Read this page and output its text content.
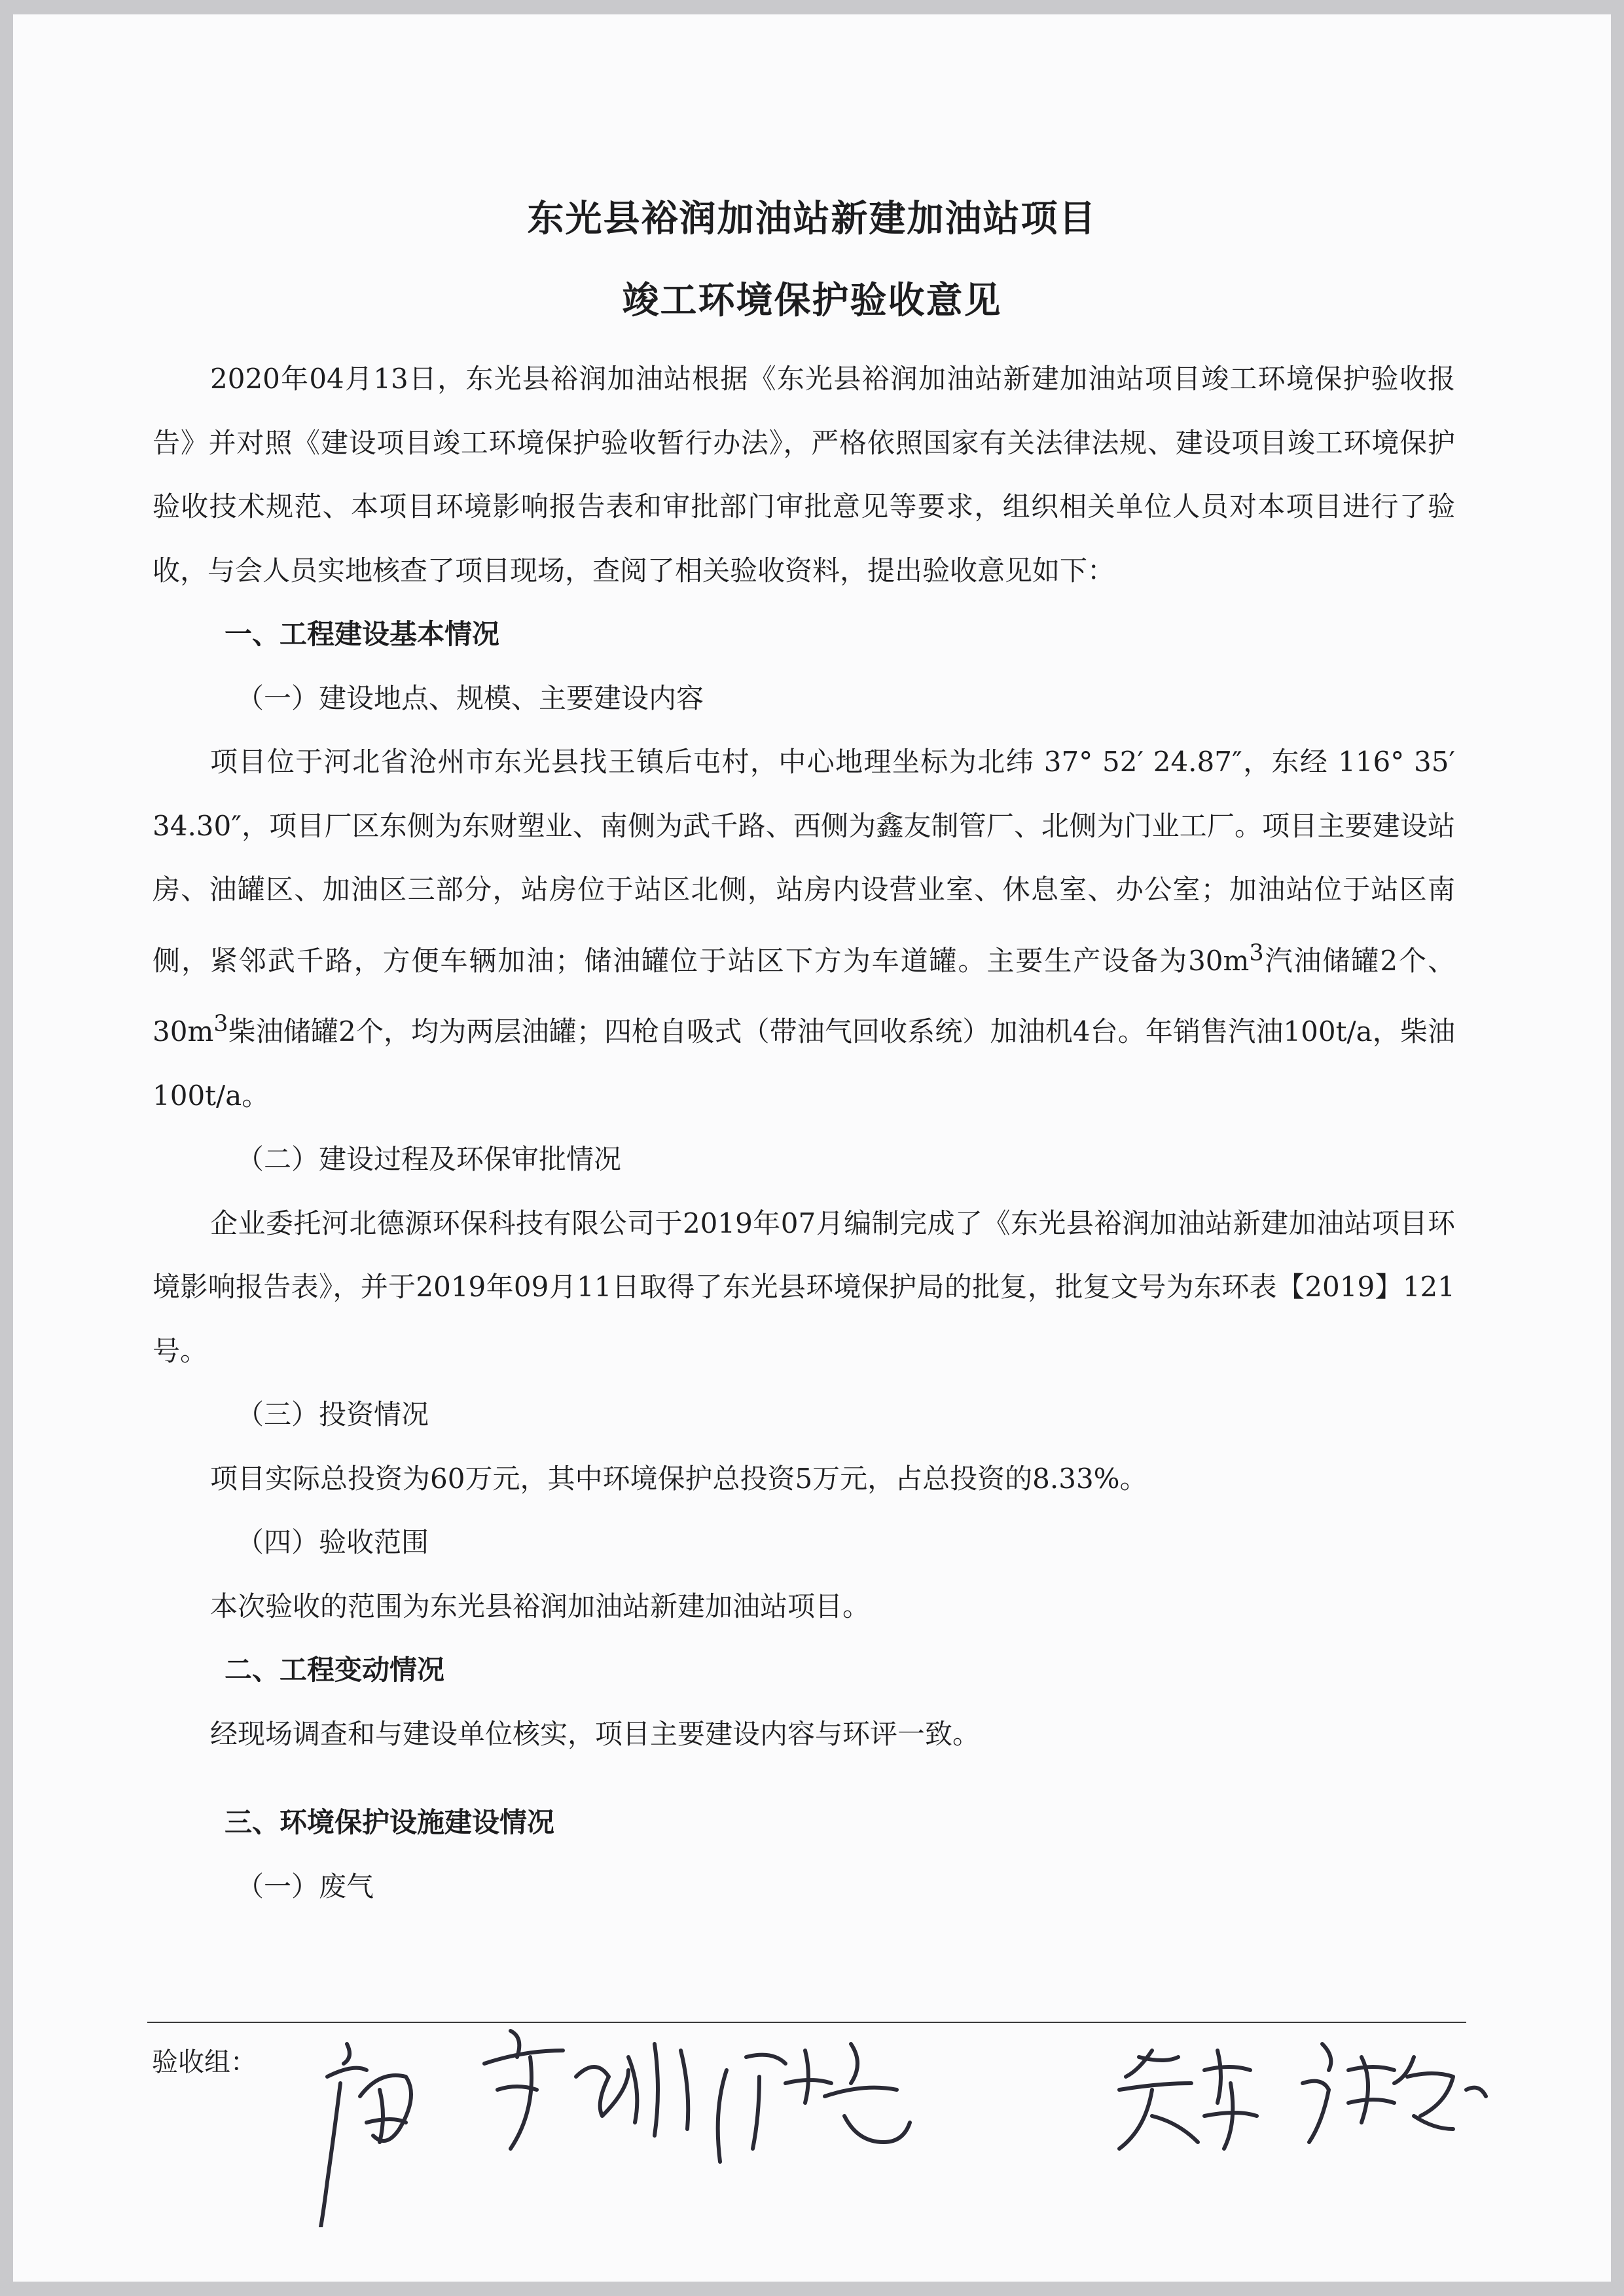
东光县裕润加油站新建加油站项目
竣工环境保护验收意见

2020年04月13日，东光县裕润加油站根据《东光县裕润加油站新建加油站项目竣工环境保护验收报告》并对照《建设项目竣工环境保护验收暂行办法》，严格依照国家有关法律法规、建设项目竣工环境保护验收技术规范、本项目环境影响报告表和审批部门审批意见等要求，组织相关单位人员对本项目进行了验收，与会人员实地核查了项目现场，查阅了相关验收资料，提出验收意见如下：

一、工程建设基本情况

（一）建设地点、规模、主要建设内容

项目位于河北省沧州市东光县找王镇后屯村，中心地理坐标为北纬 37° 52′ 24.87″，东经 116° 35′ 34.30″，项目厂区东侧为东财塑业、南侧为武千路、西侧为鑫友制管厂、北侧为门业工厂。项目主要建设站房、油罐区、加油区三部分，站房位于站区北侧，站房内设营业室、休息室、办公室；加油站位于站区南侧，紧邻武千路，方便车辆加油；储油罐位于站区下方为车道罐。主要生产设备为$30m^3$汽油储罐2个、$30m^3$柴油储罐2个，均为两层油罐；四枪自吸式（带油气回收系统）加油机4台。年销售汽油100t/a，柴油100t/a。

（二）建设过程及环保审批情况

企业委托河北德源环保科技有限公司于2019年07月编制完成了《东光县裕润加油站新建加油站项目环境影响报告表》，并于2019年09月11日取得了东光县环境保护局的批复，批复文号为东环表【2019】121号。

（三）投资情况

项目实际总投资为60万元，其中环境保护总投资5万元，占总投资的8.33%。

（四）验收范围

本次验收的范围为东光县裕润加油站新建加油站项目。

二、工程变动情况

经现场调查和与建设单位核实，项目主要建设内容与环评一致。

三、环境保护设施建设情况

（一）废气

验收组：
